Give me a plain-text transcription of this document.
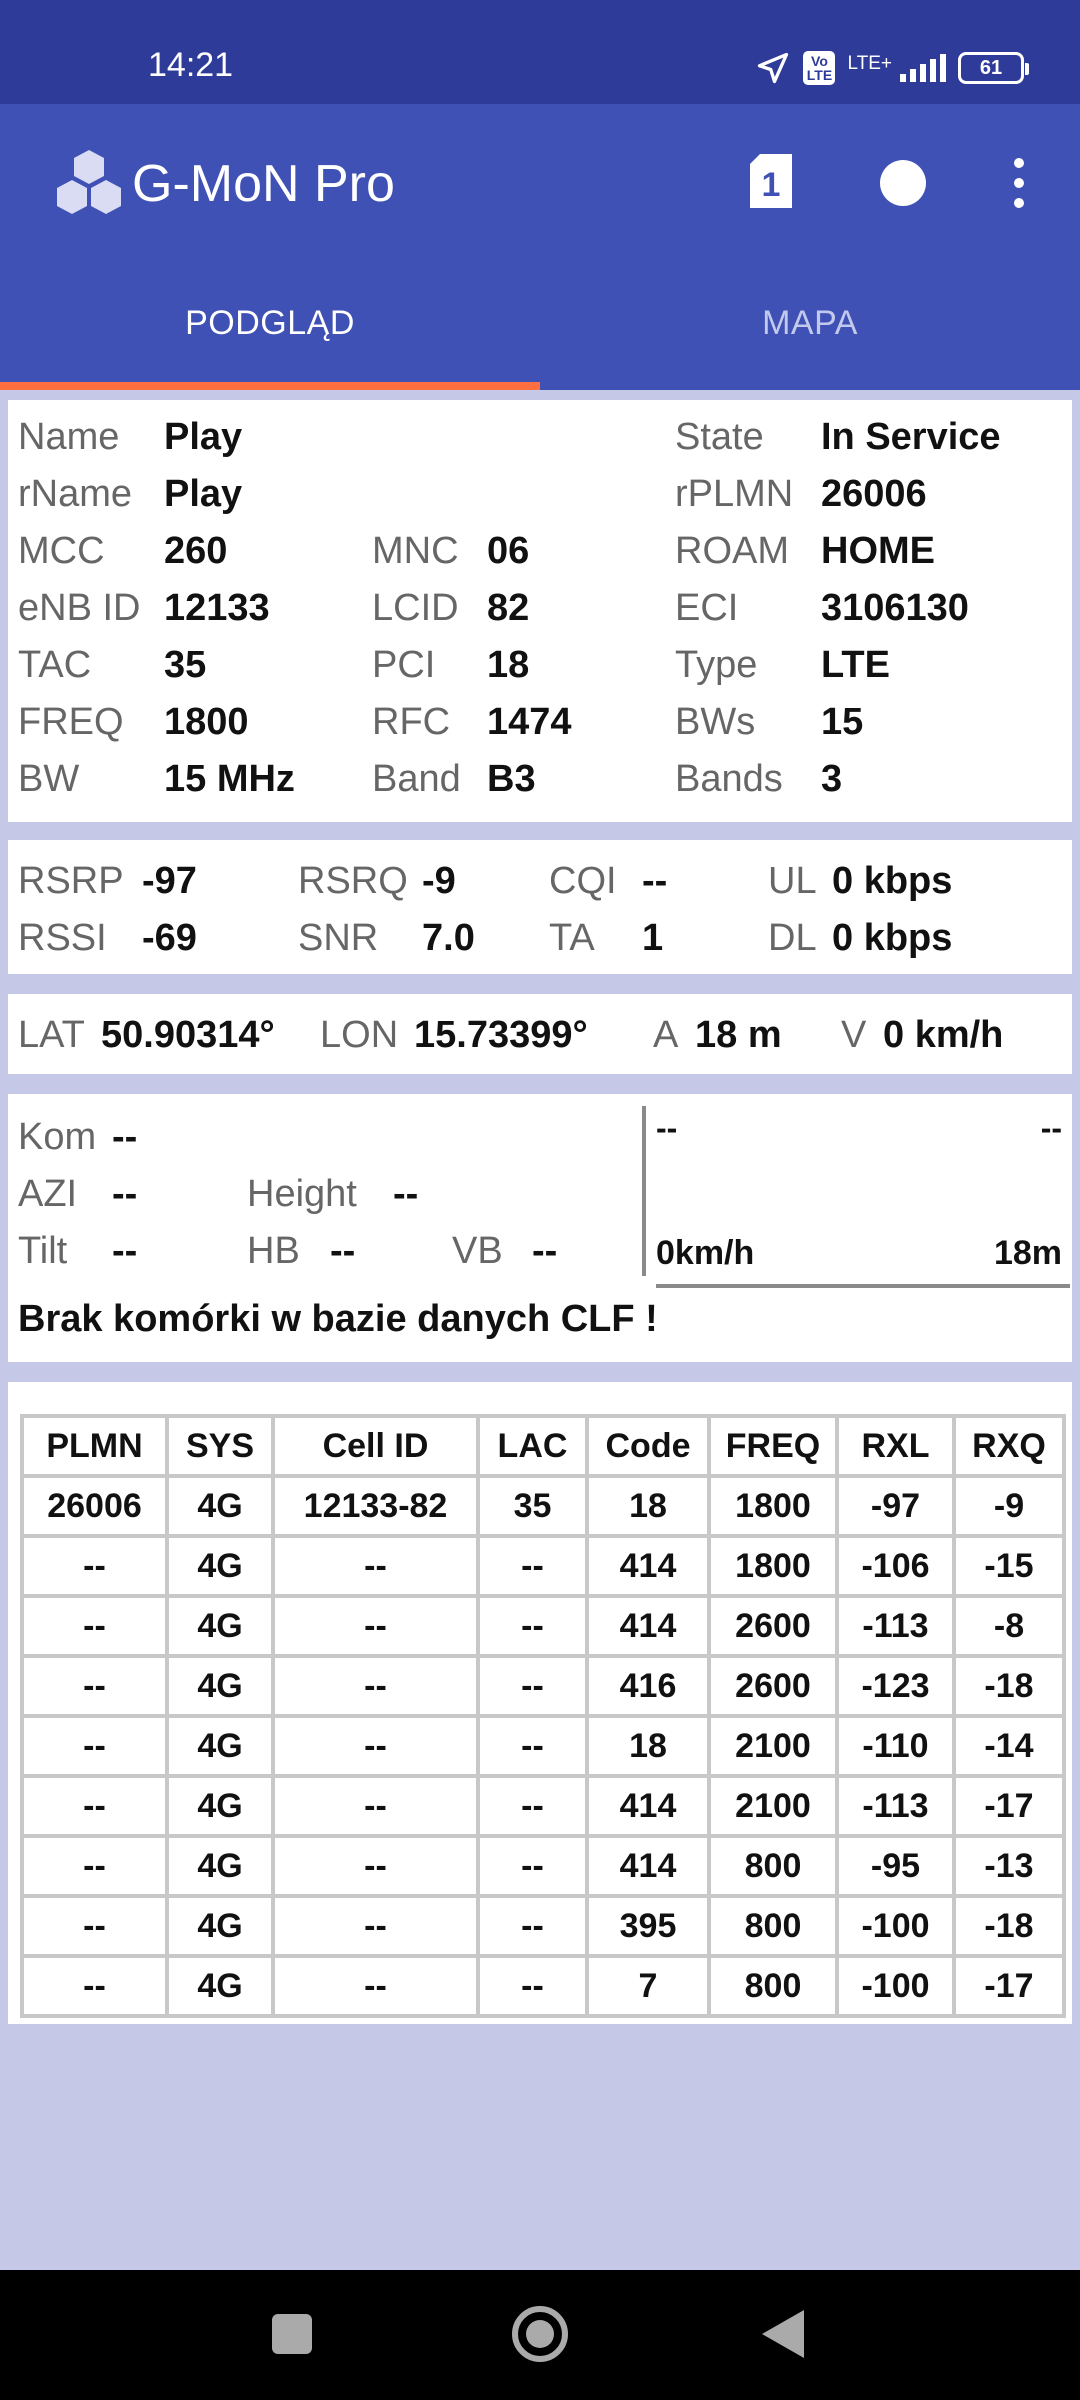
14:21	Vo LTE
LTE+	61
G-MoN Pro	1
PODGLĄD	MAPA
Name Play	State In Service
rName Play	rPLMN 26006
MCC 260	MNC 06	ROAM HOME
eNB ID 12133	LCID 82	ECI 3106130
TAC 35	PCI 18	Type LTE
FREQ 1800	RFC 1474	BWs 15
BW 15 MHz Band B3	Bands 3
RSRP -97	RSRQ -9 CQI --	UL 0 kbps
RSSI -69	SNR 7.0 TA 1	DL 0 kbps
LAT 50.90314° LON 15.73399° A 18 m V 0 km/h
Kom --
AZI --	Height --
Tilt --	HB --	VB --
--	--
0km/h	18m
Brak komórki w bazie danych CLF !
PLMN	SYS	Cell ID	LAC	Code	FREQ	RXL	RXQ
26006	4G	12133-82	35	18	1800	-97	-9
--	4G	--	--	414	1800	-106	-15
--	4G	--	--	414	2600	-113	-8
--	4G	--	--	416	2600	-123	-18
--	4G	--	--	18	2100	-110	-14
--	4G	--	--	414	2100	-113	-17
--	4G	--	--	414	800	-95	-13
--	4G	--	--	395	800	-100	-18
--	4G	--	--	7	800	-100	-17
